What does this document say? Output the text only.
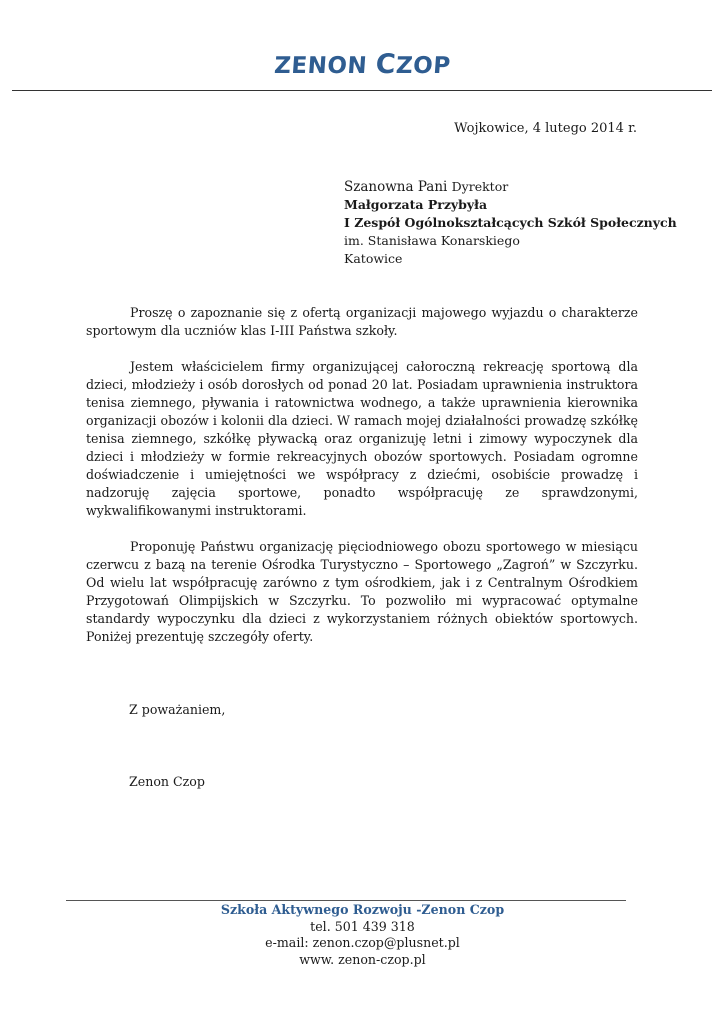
ZENON CZOP
Wojkowice, 4 lutego 2014 r.
Szanowna Pani Dyrektor
Małgorzata Przybyła
I Zespół Ogólnokształcących Szkół Społecznych
im. Stanisława Konarskiego
Katowice

Proszę o zapoznanie się z ofertą organizacji majowego wyjazdu o charakterze sportowym dla uczniów klas I-III Państwa szkoły.

Jestem właścicielem firmy organizującej całoroczną rekreację sportową dla dzieci, młodzieży i osób dorosłych od ponad 20 lat. Posiadam uprawnienia instruktora tenisa ziemnego, pływania i ratownictwa wodnego, a także uprawnienia kierownika organizacji obozów i kolonii dla dzieci. W ramach mojej działalności prowadzę szkółkę tenisa ziemnego, szkółkę pływacką oraz organizuję letni i zimowy wypoczynek dla dzieci i młodzieży w formie rekreacyjnych obozów sportowych. Posiadam ogromne doświadczenie i umiejętności we współpracy z dziećmi, osobiście prowadzę i nadzoruję zajęcia sportowe, ponadto współpracuję ze sprawdzonymi, wykwalifikowanymi instruktorami.

Proponuję Państwu organizację pięciodniowego obozu sportowego w miesiącu czerwcu z bazą na terenie Ośrodka Turystyczno – Sportowego „Zagroń” w Szczyrku. Od wielu lat współpracuję zarówno z tym ośrodkiem, jak i z Centralnym Ośrodkiem Przygotowań Olimpijskich w Szczyrku. To pozwoliło mi wypracować optymalne standardy wypoczynku dla dzieci z wykorzystaniem różnych obiektów sportowych. Poniżej prezentuję szczegóły oferty.

Z poważaniem,
Zenon Czop
Szkoła Aktywnego Rozwoju -Zenon Czop
tel. 501 439 318
e-mail: zenon.czop@plusnet.pl
www. zenon-czop.pl
